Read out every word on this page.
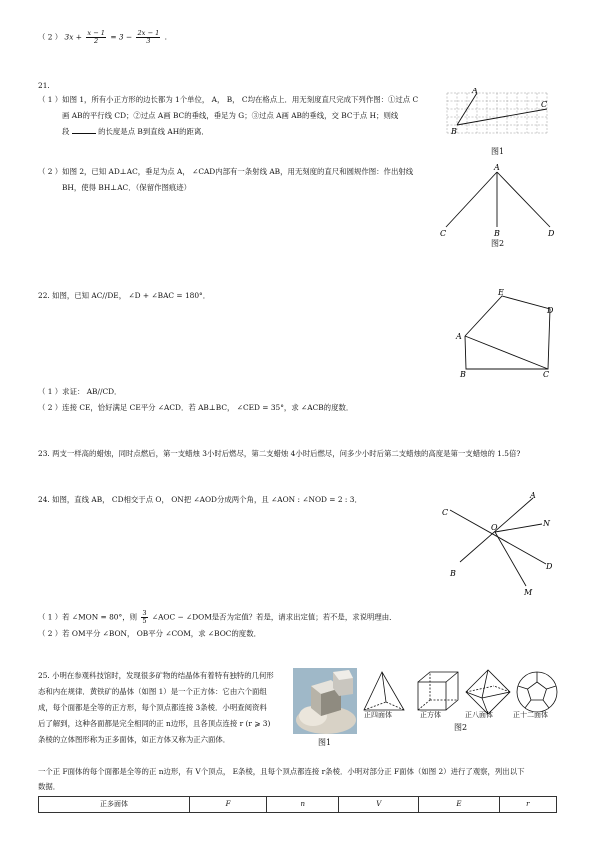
（ 2 ） $3x + \frac{x - 1}{2} = 3 - \frac{2x - 1}{3}$ .
21.
（ 1 ）如图 1，所有小正方形的边长都为 1个单位， A， B， C均在格点上．用无刻度直尺完成下列作图：①过点 C
画 AB的平行线 CD；②过点 A画 BC的垂线，垂足为 G；③过点 A画 AB的垂线，交 BC于点 H；则线
段	的长度是点 B到直线 AH的距离．
A
B
C
图1
（ 2 ）如图 2，已知 AD⊥AC，垂足为点 A， ∠CAD内部有一条射线 AB，用无刻度的直尺和圆规作图：作出射线
BH，使得 BH⊥AC．（保留作图痕迹）
A
C	B	D
图2
22. 如图，已知 AC//DE， ∠D + ∠BAC = 180°．	E
D
A
B	C
（ 1 ）求证： AB//CD．
（ 2 ）连接 CE，恰好满足 CE平分 ∠ACD．若 AB⊥BC， ∠CED = 35°，求 ∠ACB的度数．
23. 两支一样高的蜡烛，同时点燃后，第一支蜡烛 3小时后燃尽，第二支蜡烛 4小时后燃尽，问多少小时后第二支蜡烛的高度是第一支蜡烛的 1.5倍?
24. 如图，直线 AB， CD相交于点 O， ON把 ∠AOD分成两个角，且 ∠AON : ∠NOD = 2 : 3．	A
N
C
O
D
B
M
（ 1 ）若 ∠MON = 80°，则 $\frac{3}{5}$ ∠AOC − ∠DOM是否为定值？若是，请求出定值；若不是，求说明理由．
（ 2 ）若 OM平分 ∠BON， OB平分 ∠COM，求 ∠BOC的度数．
25. 小明在参观科技馆时，发现很多矿物的结晶体有着特有独特的几何形
态和内在规律．黄铁矿的晶体（如图 1）是一个正方体：它由六个面组
成，每个面都是全等的正方形，每个顶点都连接 3条棱．小明查阅资料
后了解到，这种各面都是完全相同的正 n边形，且各顶点连接 r (r ⩾ 3)
条棱的立体图形称为正多面体，如正方体又称为正六面体．	图1
正四面体	正方体	正八面体	正十二面体
图2
一个正 F面体的每个面都是全等的正 n边形，有 V个顶点， E条棱，且每个顶点都连接 r条棱．小明对部分正 F面体（如图 2）进行了观察，列出以下
数据．
正多面体	F	n	V	E	r
